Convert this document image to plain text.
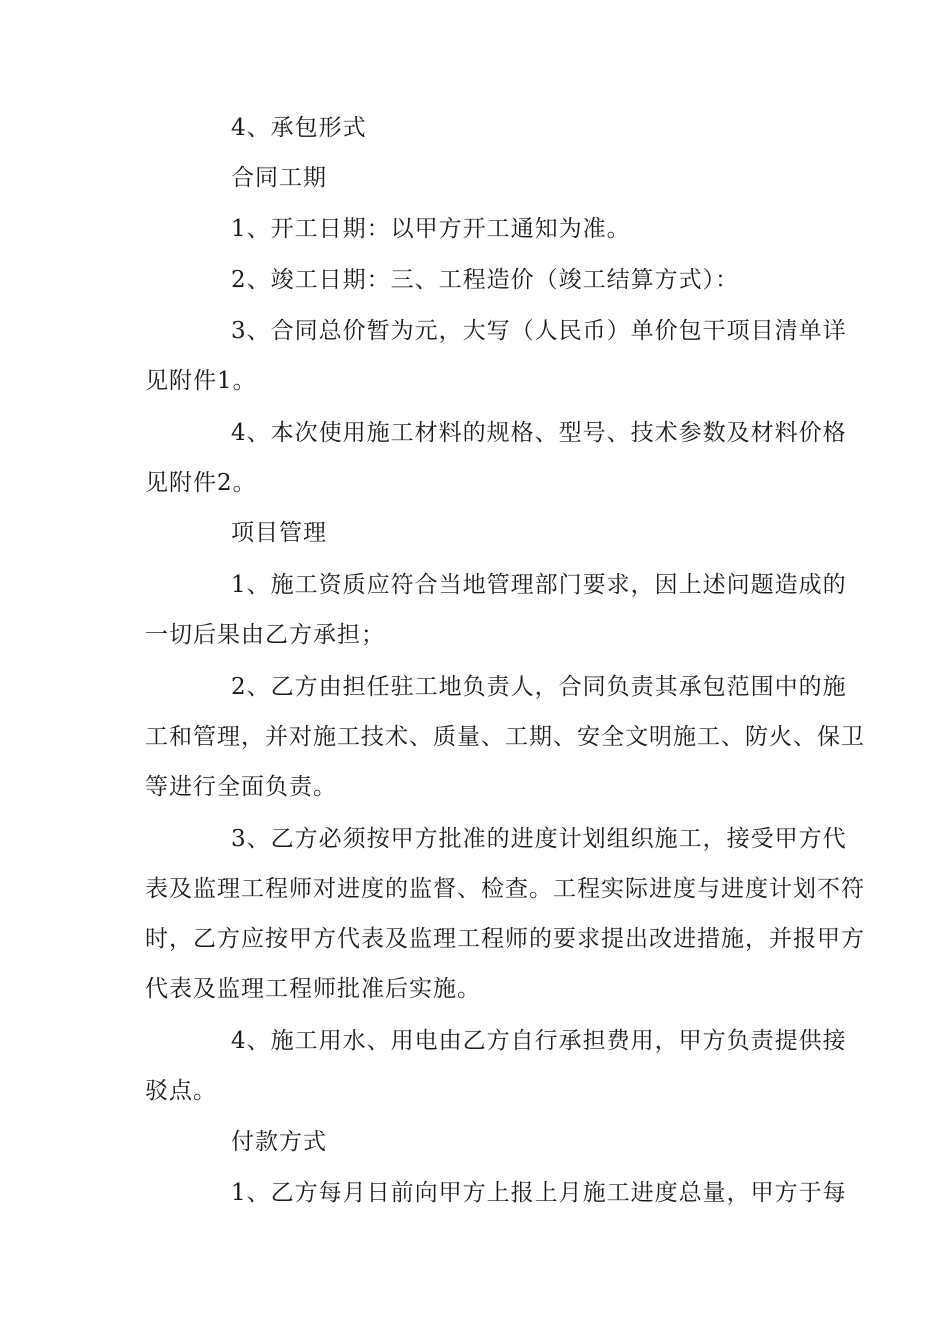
4、承包形式
合同工期
1、开工日期：以甲方开工通知为准。
2、竣工日期：三、工程造价（竣工结算方式）：
3、合同总价暂为元，大写（人民币）单价包干项目清单详
见附件1。
4、本次使用施工材料的规格、型号、技术参数及材料价格
见附件2。
项目管理
1、施工资质应符合当地管理部门要求，因上述问题造成的
一切后果由乙方承担；
2、乙方由担任驻工地负责人，合同负责其承包范围中的施
工和管理，并对施工技术、质量、工期、安全文明施工、防火、保卫
等进行全面负责。
3、乙方必须按甲方批准的进度计划组织施工，接受甲方代
表及监理工程师对进度的监督、检查。工程实际进度与进度计划不符
时，乙方应按甲方代表及监理工程师的要求提出改进措施，并报甲方
代表及监理工程师批准后实施。
4、施工用水、用电由乙方自行承担费用，甲方负责提供接
驳点。
付款方式
1、乙方每月日前向甲方上报上月施工进度总量，甲方于每
